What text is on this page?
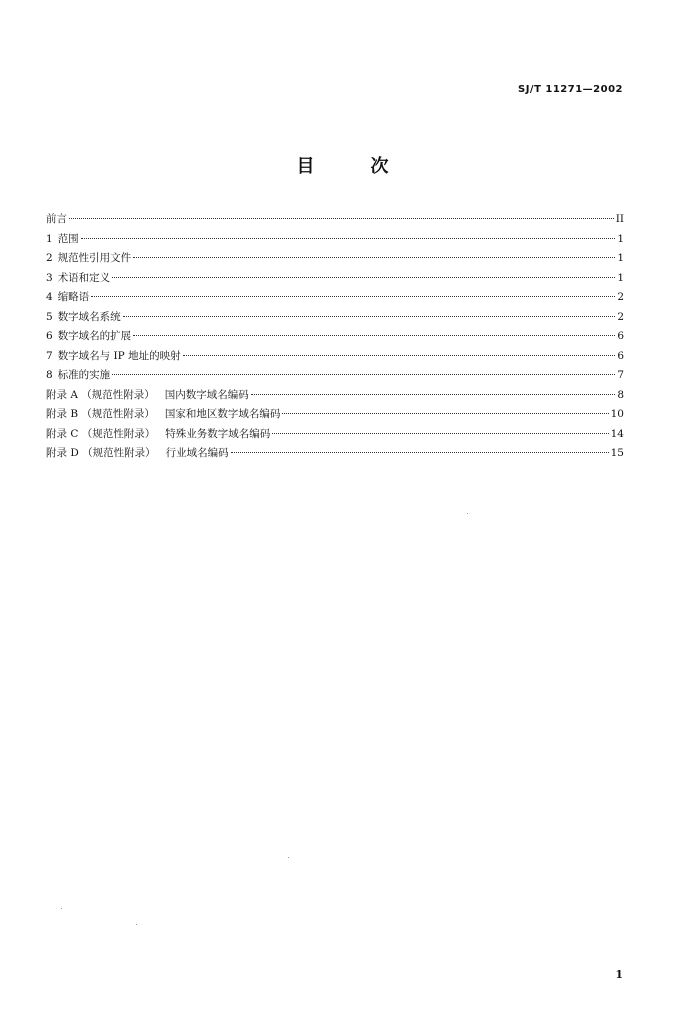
SJ/T 11271—2002
目	次
前言	II
1 范围	1
2 规范性引用文件	1
3 术语和定义	1
4 缩略语	2
5 数字域名系统	2
6 数字域名的扩展	6
7 数字域名与 IP 地址的映射	6
8 标准的实施	7
附录 A （规范性附录） 国内数字域名编码	8
附录 B （规范性附录） 国家和地区数字域名编码	10
附录 C （规范性附录） 特殊业务数字域名编码	14
附录 D （规范性附录） 行业域名编码	15
1
